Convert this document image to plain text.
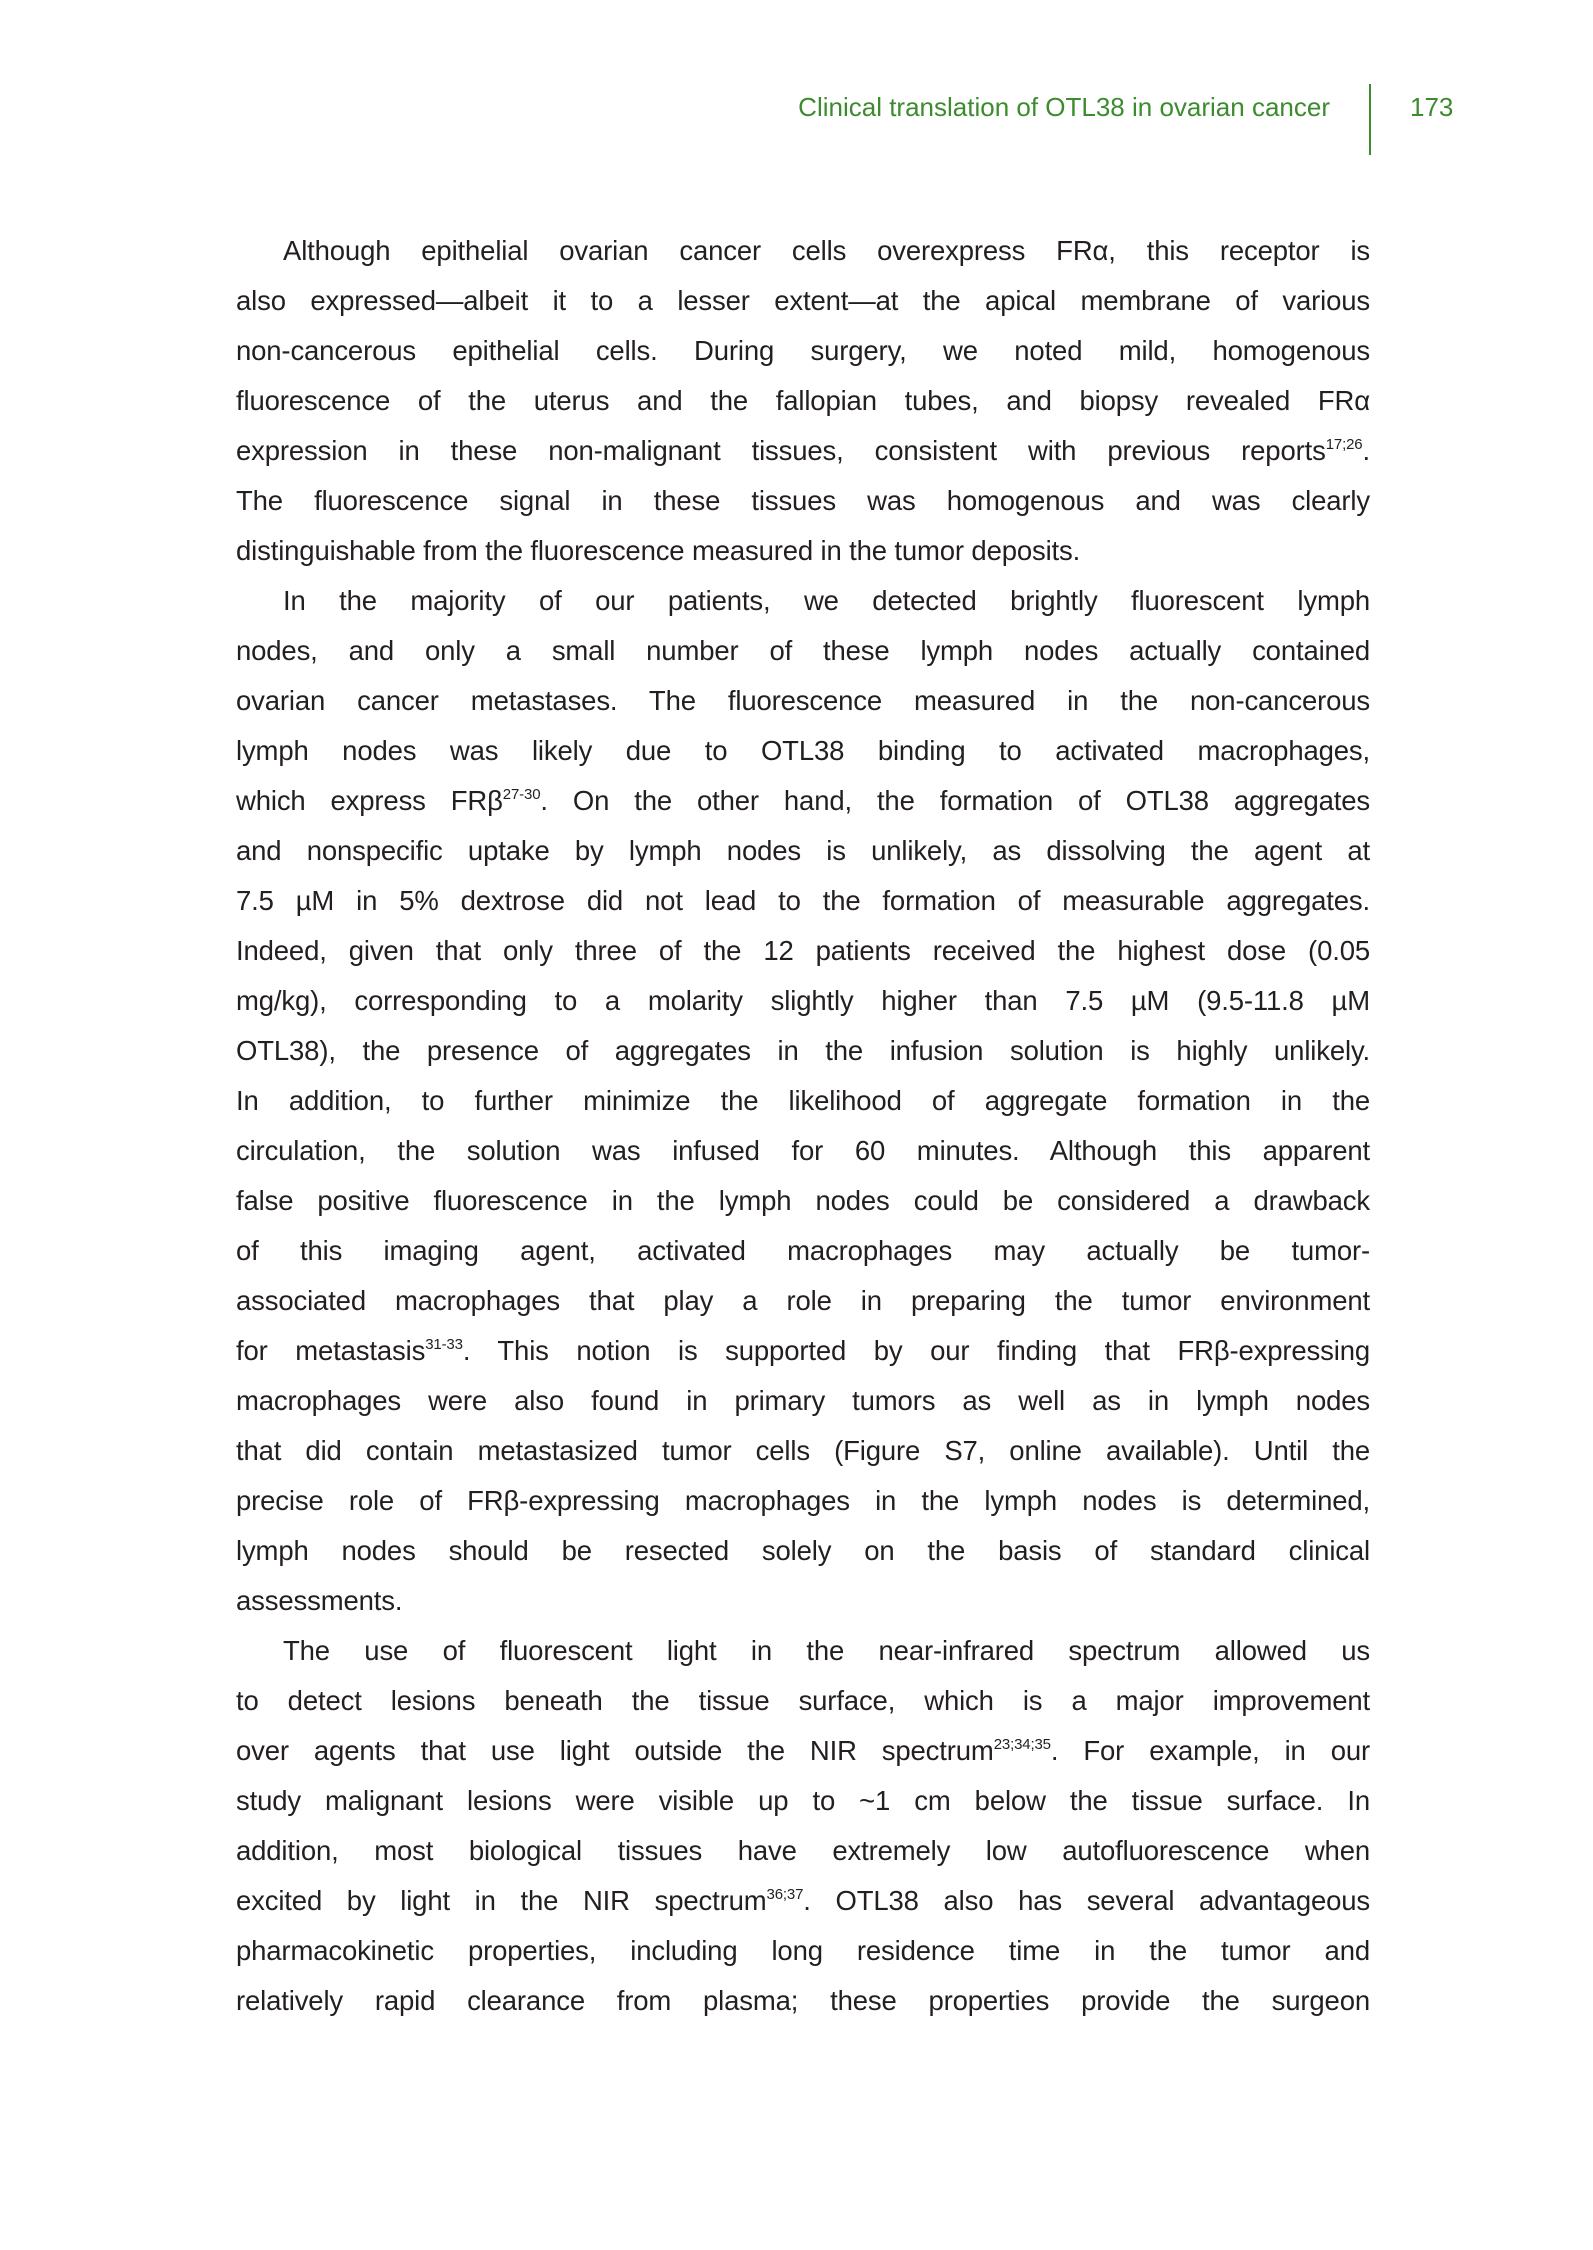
Clinical translation of OTL38 in ovarian cancer	173
Although epithelial ovarian cancer cells overexpress FRα, this receptor is
also expressed—albeit it to a lesser extent—at the apical membrane of various
non-cancerous epithelial cells. During surgery, we noted mild, homogenous
fluorescence of the uterus and the fallopian tubes, and biopsy revealed FRα
expression in these non-malignant tissues, consistent with previous reports$^{17;26}$.
The fluorescence signal in these tissues was homogenous and was clearly
distinguishable from the fluorescence measured in the tumor deposits.
In the majority of our patients, we detected brightly fluorescent lymph
nodes, and only a small number of these lymph nodes actually contained
ovarian cancer metastases. The fluorescence measured in the non-cancerous
lymph nodes was likely due to OTL38 binding to activated macrophages,
which express FRβ$^{27-30}$. On the other hand, the formation of OTL38 aggregates
and nonspecific uptake by lymph nodes is unlikely, as dissolving the agent at
7.5 µM in 5% dextrose did not lead to the formation of measurable aggregates.
Indeed, given that only three of the 12 patients received the highest dose (0.05
mg/kg), corresponding to a molarity slightly higher than 7.5 µM (9.5-11.8 µM
OTL38), the presence of aggregates in the infusion solution is highly unlikely.
In addition, to further minimize the likelihood of aggregate formation in the
circulation, the solution was infused for 60 minutes. Although this apparent
false positive fluorescence in the lymph nodes could be considered a drawback
of this imaging agent, activated macrophages may actually be tumor-
associated macrophages that play a role in preparing the tumor environment
for metastasis$^{31-33}$. This notion is supported by our finding that FRβ-expressing
macrophages were also found in primary tumors as well as in lymph nodes
that did contain metastasized tumor cells (Figure S7, online available). Until the
precise role of FRβ-expressing macrophages in the lymph nodes is determined,
lymph nodes should be resected solely on the basis of standard clinical
assessments.
The use of fluorescent light in the near-infrared spectrum allowed us
to detect lesions beneath the tissue surface, which is a major improvement
over agents that use light outside the NIR spectrum$^{23;34;35}$. For example, in our
study malignant lesions were visible up to ~1 cm below the tissue surface. In
addition, most biological tissues have extremely low autofluorescence when
excited by light in the NIR spectrum$^{36;37}$. OTL38 also has several advantageous
pharmacokinetic properties, including long residence time in the tumor and
relatively rapid clearance from plasma; these properties provide the surgeon
